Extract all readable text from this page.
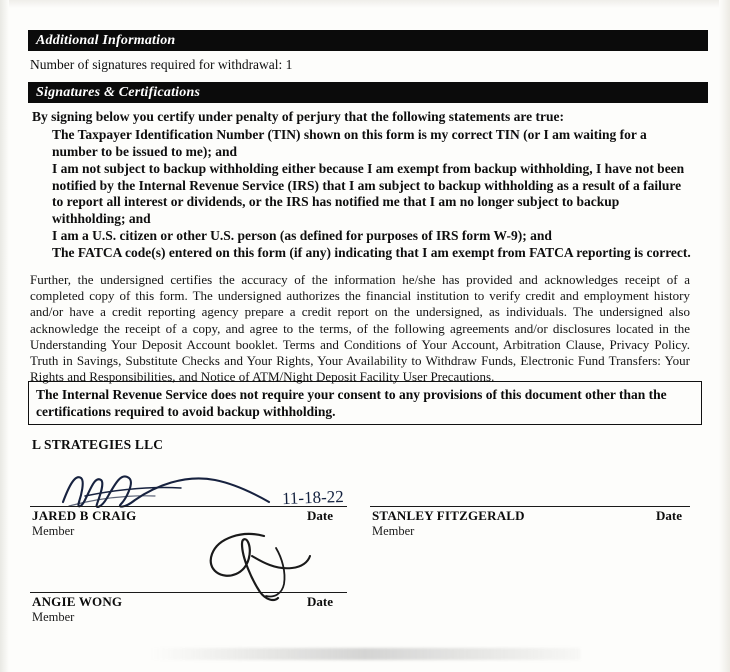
Additional Information
Number of signatures required for withdrawal: 1
Signatures & Certifications
By signing below you certify under penalty of perjury that the following statements are true:
The Taxpayer Identification Number (TIN) shown on this form is my correct TIN (or I am waiting for a number to be issued to me); and
I am not subject to backup withholding either because I am exempt from backup withholding, I have not been notified by the Internal Revenue Service (IRS) that I am subject to backup withholding as a result of a failure to report all interest or dividends, or the IRS has notified me that I am no longer subject to backup withholding; and
I am a U.S. citizen or other U.S. person (as defined for purposes of IRS form W-9); and
The FATCA code(s) entered on this form (if any) indicating that I am exempt from FATCA reporting is correct.
Further, the undersigned certifies the accuracy of the information he/she has provided and acknowledges receipt of a completed copy of this form. The undersigned authorizes the financial institution to verify credit and employment history and/or have a credit reporting agency prepare a credit report on the undersigned, as individuals. The undersigned also acknowledge the receipt of a copy, and agree to the terms, of the following agreements and/or disclosures located in the Understanding Your Deposit Account booklet. Terms and Conditions of Your Account, Arbitration Clause, Privacy Policy. Truth in Savings, Substitute Checks and Your Rights, Your Availability to Withdraw Funds, Electronic Fund Transfers: Your Rights and Responsibilities, and Notice of ATM/Night Deposit Facility User Precautions.
The Internal Revenue Service does not require your consent to any provisions of this document other than the certifications required to avoid backup withholding.
L STRATEGIES LLC
11-18-22
JARED B CRAIG
Member
Date	STANLEY FITZGERALD
Member
Date
ANGIE WONG
Member
Date
